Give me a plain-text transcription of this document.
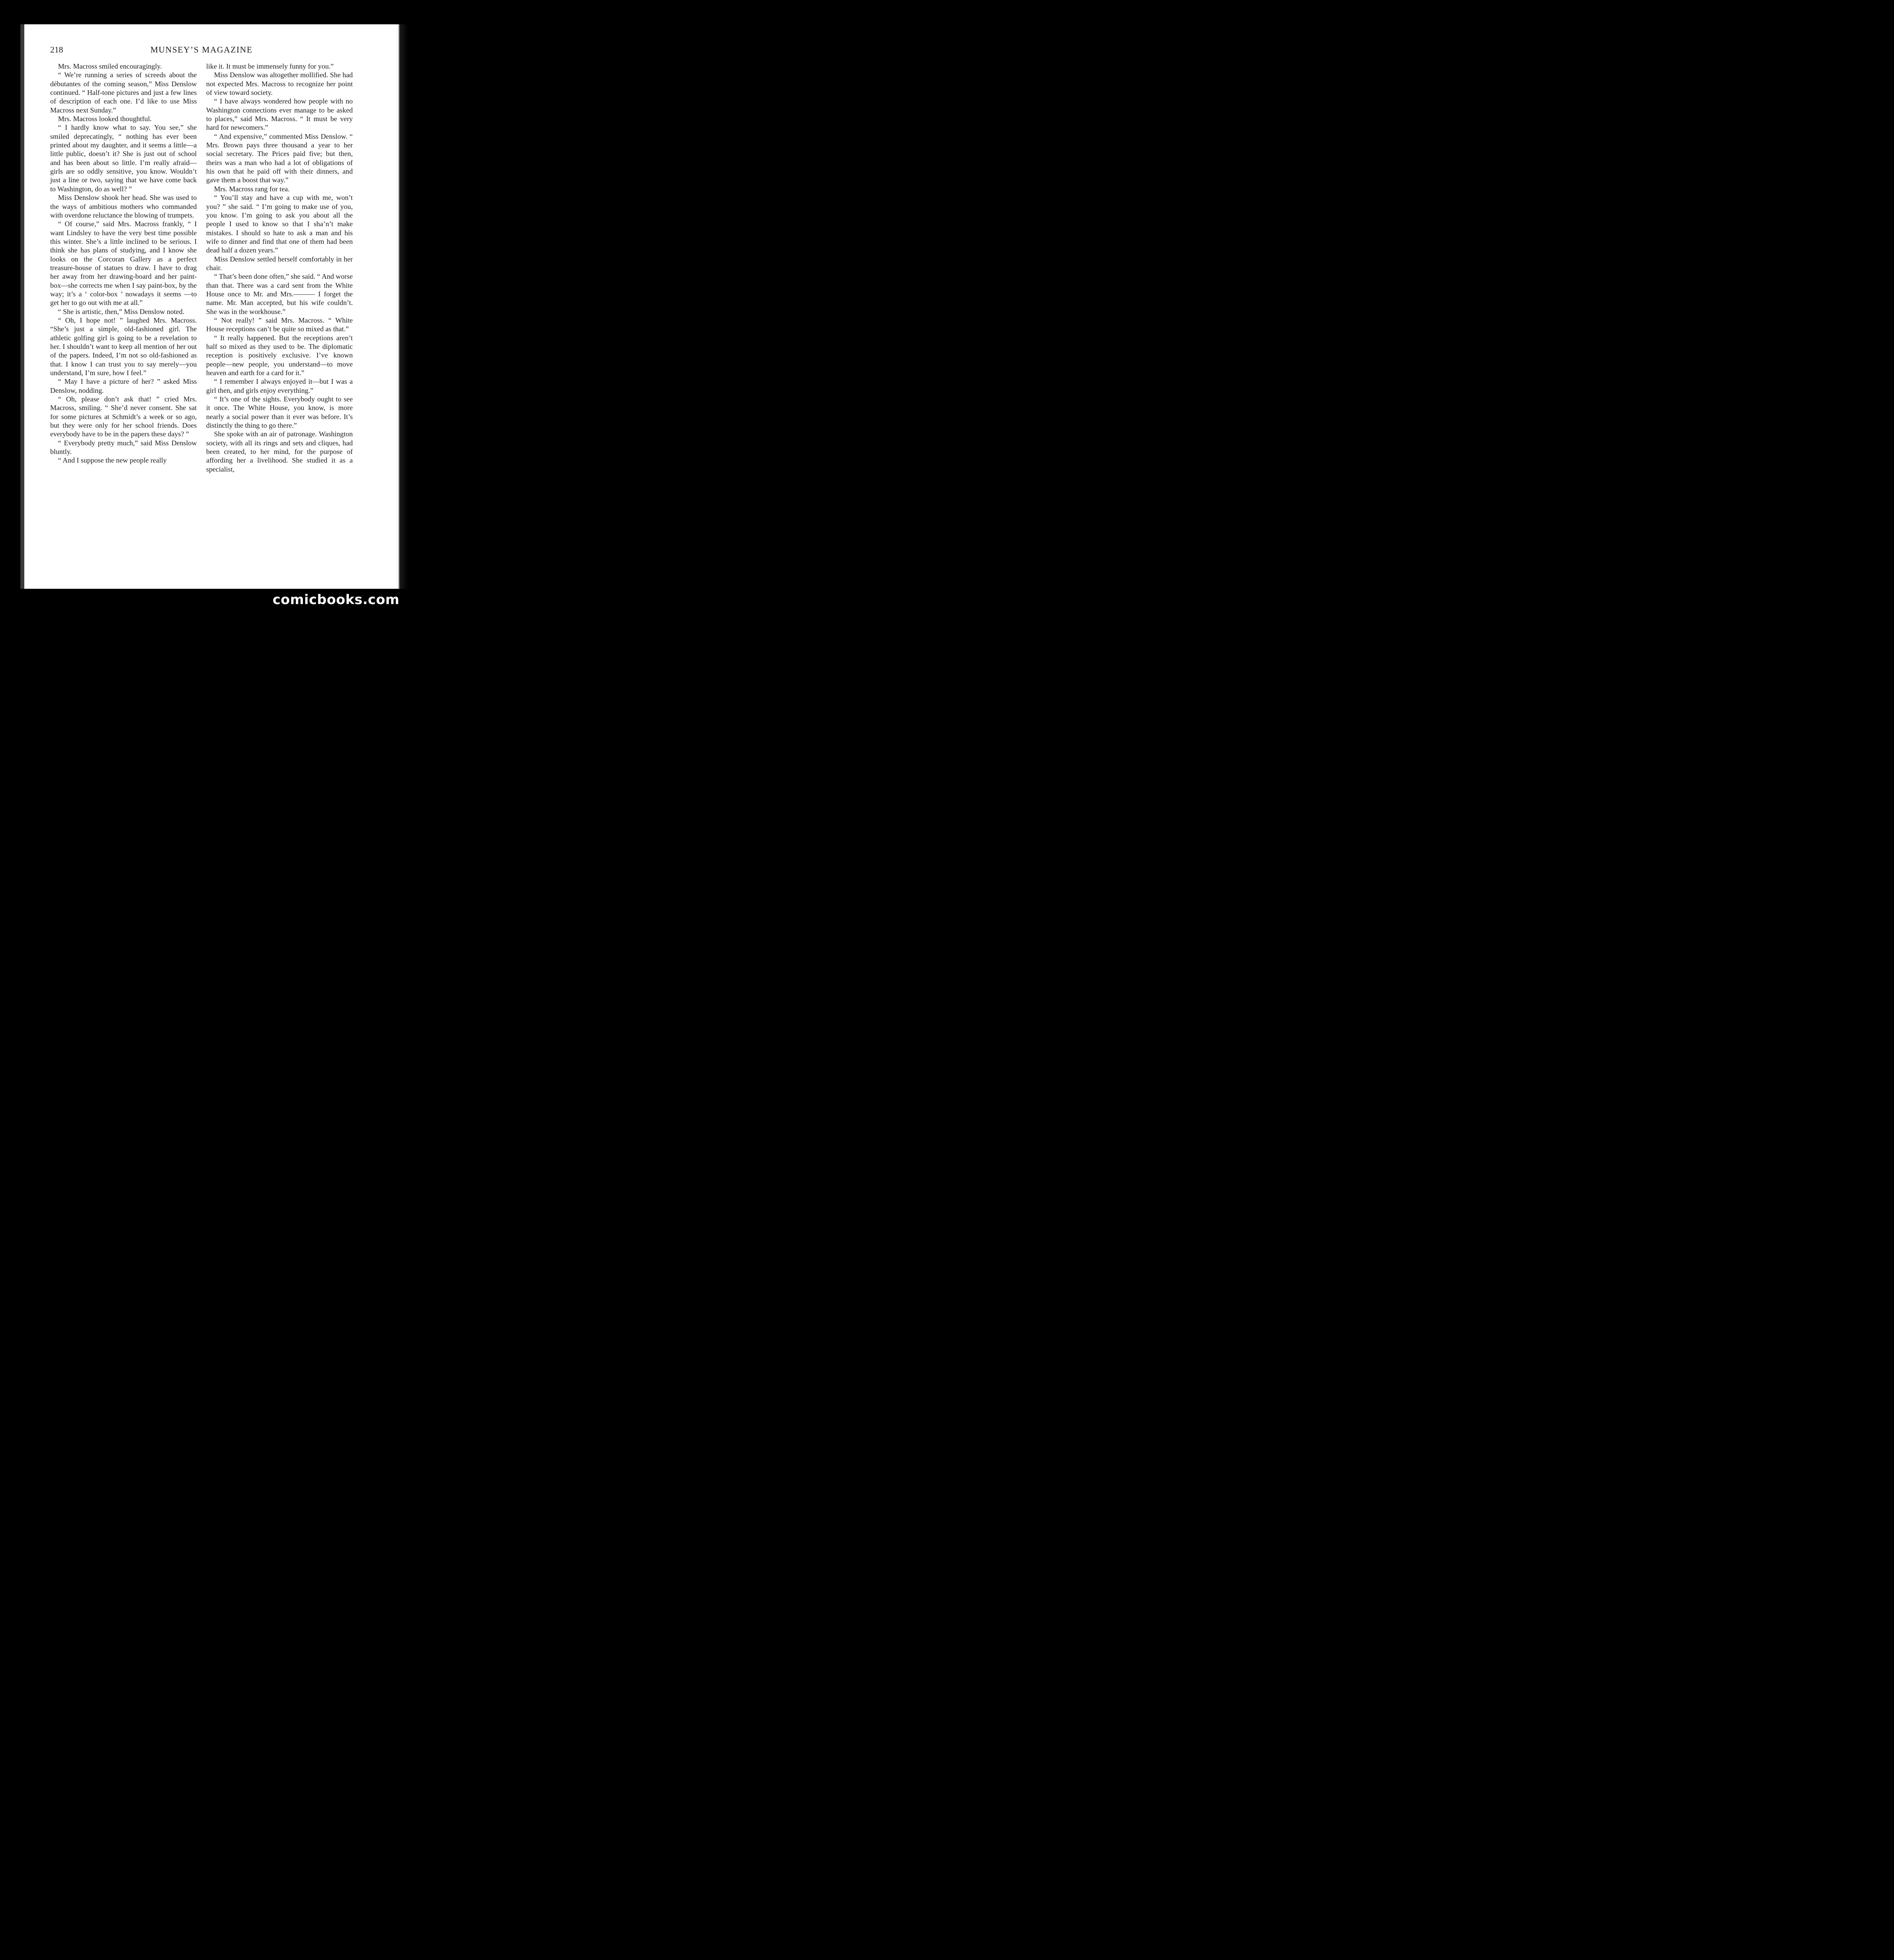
218	MUNSEY’S MAGAZINE

Mrs. Macross smiled encouragingly.

“ We’re running a series of screeds about the débutantes of the coming season,” Miss Denslow continued. “ Half-tone pictures and just a few lines of description of each one. I’d like to use Miss Macross next Sunday.”

Mrs. Macross looked thoughtful.

“ I hardly know what to say. You see,” she smiled deprecatingly, “ nothing has ever been printed about my daughter, and it seems a little—a little public, doesn’t it? She is just out of school and has been about so little. I’m really afraid—girls are so oddly sensitive, you know. Wouldn’t just a line or two, saying that we have come back to Washington, do as well? ”

Miss Denslow shook her head. She was used to the ways of ambitious mothers who commanded with overdone reluctance the blowing of trumpets.

“ Of course,” said Mrs. Macross frankly, “ I want Lindsley to have the very best time possible this winter. She’s a little inclined to be serious. I think she has plans of studying, and I know she looks on the Corcoran Gallery as a perfect treasure-house of statues to draw. I have to drag her away from her drawing-board and her paint-box—she corrects me when I say paint-box, by the way; it’s a ‘ color-box ’ nowadays it seems —to get her to go out with me at all.”

“ She is artistic, then,” Miss Denslow noted.

“ Oh, I hope not! ” laughed Mrs. Macross. “She’s just a simple, old-fashioned girl. The athletic golfing girl is going to be a revelation to her. I shouldn’t want to keep all mention of her out of the papers. Indeed, I’m not so old-fashioned as that. I know I can trust you to say merely—you understand, I’m sure, how I feel.”

“ May I have a picture of her? ” asked Miss Denslow, nodding.

“ Oh, please don’t ask that! ” cried Mrs. Macross, smiling. “ She’d never consent. She sat for some pictures at Schmidt’s a week or so ago, but they were only for her school friends. Does everybody have to be in the papers these days? ”

“ Everybody pretty much,” said Miss Denslow bluntly.

“ And I suppose the new people really

like it. It must be immensely funny for you.”

Miss Denslow was altogether mollified. She had not expected Mrs. Macross to recognize her point of view toward society.

“ I have always wondered how people with no Washington connections ever manage to be asked to places,” said Mrs. Macross. “ It must be very hard for newcomers.”

“ And expensive,” commented Miss Denslow. “ Mrs. Brown pays three thousand a year to her social secretary. The Prices paid five; but then, theirs was a man who had a lot of obligations of his own that he paid off with their dinners, and gave them a boost that way.”

Mrs. Macross rang for tea.

“ You’ll stay and have a cup with me, won’t you? ” she said. “ I’m going to make use of you, you know. I’m going to ask you about all the people I used to know so that I sha’n’t make mistakes. I should so hate to ask a man and his wife to dinner and find that one of them had been dead half a dozen years.”

Miss Denslow settled herself comfortably in her chair.

“ That’s been done often,” she said. “ And worse than that. There was a card sent from the White House once to Mr. and Mrs.——— I forget the name. Mr. Man accepted, but his wife couldn’t. She was in the workhouse.”

“ Not really! ” said Mrs. Macross. “ White House receptions can’t be quite so mixed as that.”

“ It really happened. But the receptions aren’t half so mixed as they used to be. The diplomatic reception is positively exclusive. I’ve known people—new people, you understand—to move heaven and earth for a card for it.”

“ I remember I always enjoyed it—but I was a girl then, and girls enjoy everything.”

“ It’s one of the sights. Everybody ought to see it once. The White House, you know, is more nearly a social power than it ever was before. It’s distinctly the thing to go there.”

She spoke with an air of patronage. Washington society, with all its rings and sets and cliques, had been created, to her mind, for the purpose of affording her a livelihood. She studied it as a specialist,

comicbooks.com
